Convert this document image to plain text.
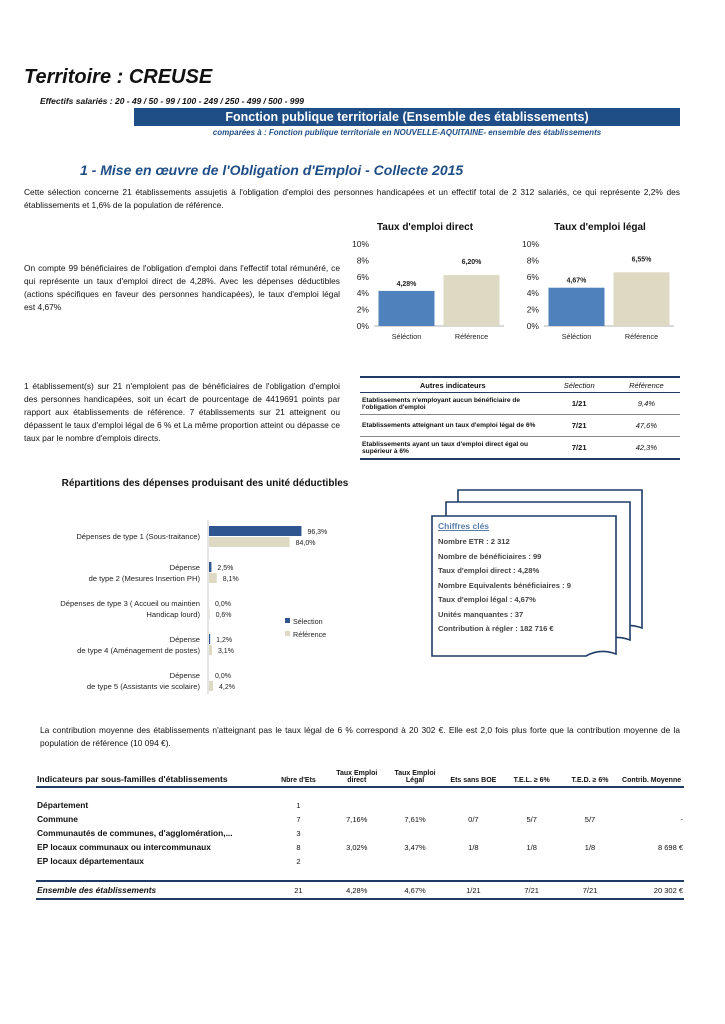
Territoire : CREUSE
Effectifs salariés : 20 - 49 / 50 - 99 / 100 - 249 / 250 - 499 / 500 - 999
Fonction publique territoriale (Ensemble des établissements)
comparées à : Fonction publique territoriale en NOUVELLE-AQUITAINE- ensemble des établissements
1 - Mise en œuvre de l'Obligation d'Emploi - Collecte 2015
Cette sélection concerne 21 établissements assujetis à l'obligation d'emploi des personnes handicapées et un effectif total de 2 312 salariés, ce qui représente 2,2% des établissements et 1,6% de la population de référence.
On compte 99 bénéficiaires de l'obligation d'emploi dans l'effectif total rémunéré, ce qui représente un taux d'emploi direct de 4,28%. Avec les dépenses déductibles (actions spécifiques en faveur des personnes handicapées), le taux d'emploi légal est 4,67%
Taux d'emploi direct
0%
2%
4%
6%
8%
10%
4,28%
Séléction
6,20%
Référence
Taux d'emploi légal
0%
2%
4%
6%
8%
10%
4,67%
Séléction
6,55%
Référence
1 établissement(s) sur 21 n'emploient pas de bénéficiaires de l'obligation d'emploi des personnes handicapées, soit un écart de pourcentage de 4419691 points par rapport aux établissements de référence. 7 établissements sur 21 atteignent ou dépassent le taux d'emploi légal de 6 % et La même proportion atteint ou dépasse ce taux par le nombre d'emplois directs.
Autres indicateurs	Sélection	Référence
Etablissements n'employant aucun bénéficiaire de l'obligation d'emploi	1/21	9,4%
Etablissements atteignant un taux d'emploi légal de 6%	7/21	47,6%
Etablissements ayant un taux d'emploi direct égal ou supérieur à 6%	7/21	42,3%
Répartitions des dépenses produisant des unité déductibles
Dépenses de type 1 (Sous-traitance)	96,3%
84,0%
Dépense
de type 2 (Mesures Insertion PH)
2,5%
8,1%
Dépenses de type 3 ( Accueil ou maintien
Handicap lourd)
0,0%
0,6%
Dépense
de type 4 (Aménagement de postes)
1,2%
3,1%
Dépense
de type 5 (Assistants vie scolaire)
0,0%
4,2%
Sélection
Référence
Chiffres clés
Nombre ETR : 2 312
Nombre de bénéficiaires : 99
Taux d'emploi direct : 4,28%
Nombre Equivalents bénéficiaires : 9
Taux d'emploi légal : 4,67%
Unités manquantes : 37
Contribution à régler : 182 716 €
La contribution moyenne des établissements n'atteignant pas le taux légal de 6 % correspond à 20 302 €. Elle est 2,0 fois plus forte que la contribution moyenne de la population de référence (10 094 €).
Indicateurs par sous-familles d'établissements	Nbre d'Ets	Taux Emploi direct	Taux Emploi Légal	Ets sans BOE	T.E.L. ≥ 6%	T.E.D. ≥ 6%	Contrib. Moyenne

Département	1						
Commune	7	7,16%	7,61%	0/7	5/7	5/7	-
Communautés de communes, d'agglomération,...	3						
EP locaux communaux ou intercommunaux	8	3,02%	3,47%	1/8	1/8	1/8	8 698 €
EP locaux départementaux	2						

Ensemble des établissements	21	4,28%	4,67%	1/21	7/21	7/21	20 302 €
